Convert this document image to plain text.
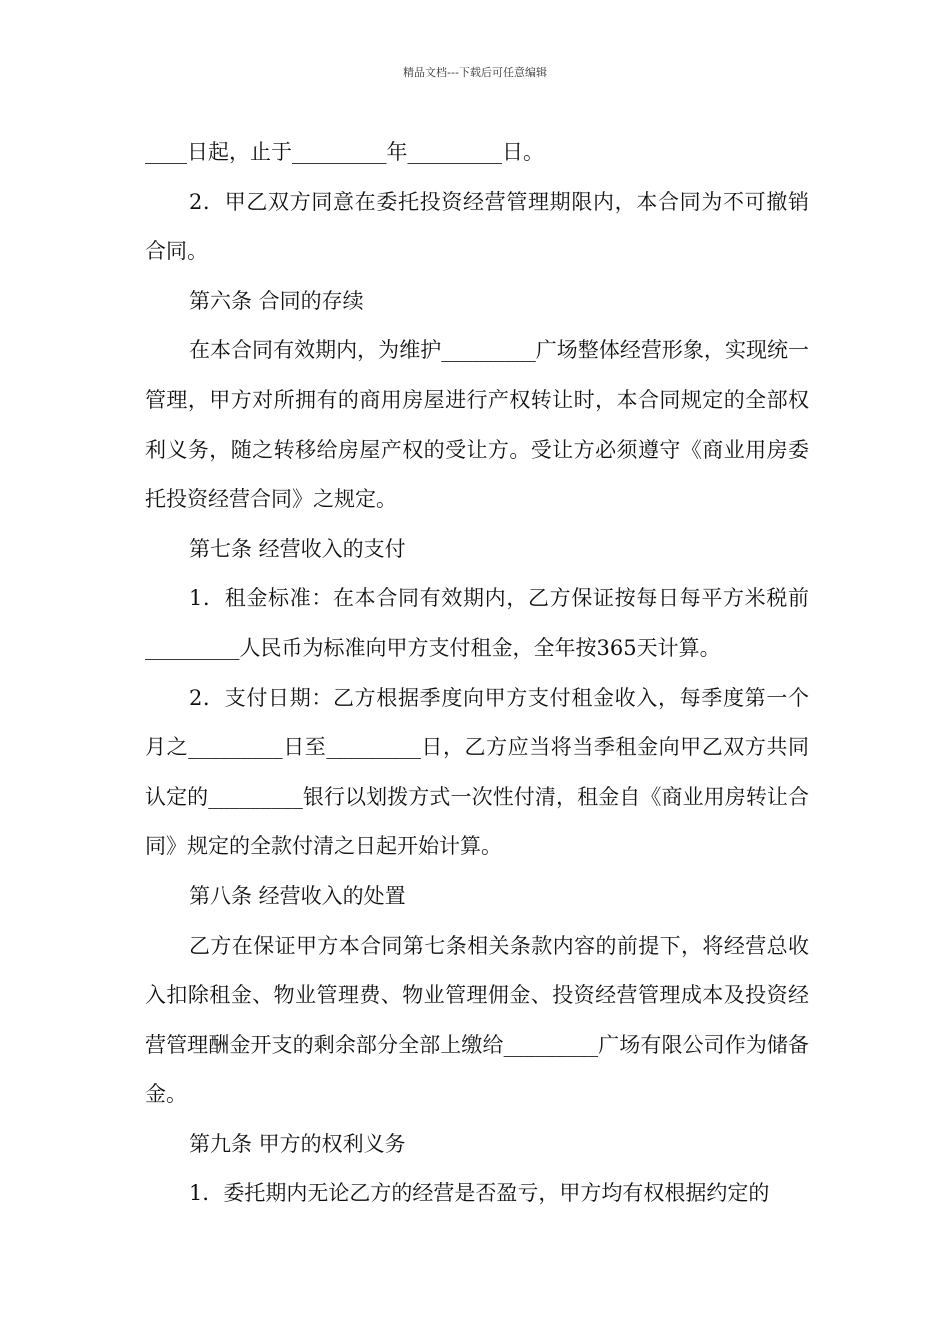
精品文档---下载后可任意编辑

____日起，止于_________年_________日。

2．甲乙双方同意在委托投资经营管理期限内，本合同为不可撤销合同。

第六条 合同的存续

在本合同有效期内，为维护_________广场整体经营形象，实现统一管理，甲方对所拥有的商用房屋进行产权转让时，本合同规定的全部权利义务，随之转移给房屋产权的受让方。受让方必须遵守《商业用房委托投资经营合同》之规定。

第七条 经营收入的支付

1．租金标准：在本合同有效期内，乙方保证按每日每平方米税前_________人民币为标准向甲方支付租金，全年按365天计算。

2．支付日期：乙方根据季度向甲方支付租金收入，每季度第一个月之_________日至_________日，乙方应当将当季租金向甲乙双方共同认定的_________银行以划拨方式一次性付清，租金自《商业用房转让合同》规定的全款付清之日起开始计算。

第八条 经营收入的处置

乙方在保证甲方本合同第七条相关条款内容的前提下，将经营总收入扣除租金、物业管理费、物业管理佣金、投资经营管理成本及投资经营管理酬金开支的剩余部分全部上缴给_________广场有限公司作为储备金。

第九条 甲方的权利义务

1．委托期内无论乙方的经营是否盈亏，甲方均有权根据约定的
